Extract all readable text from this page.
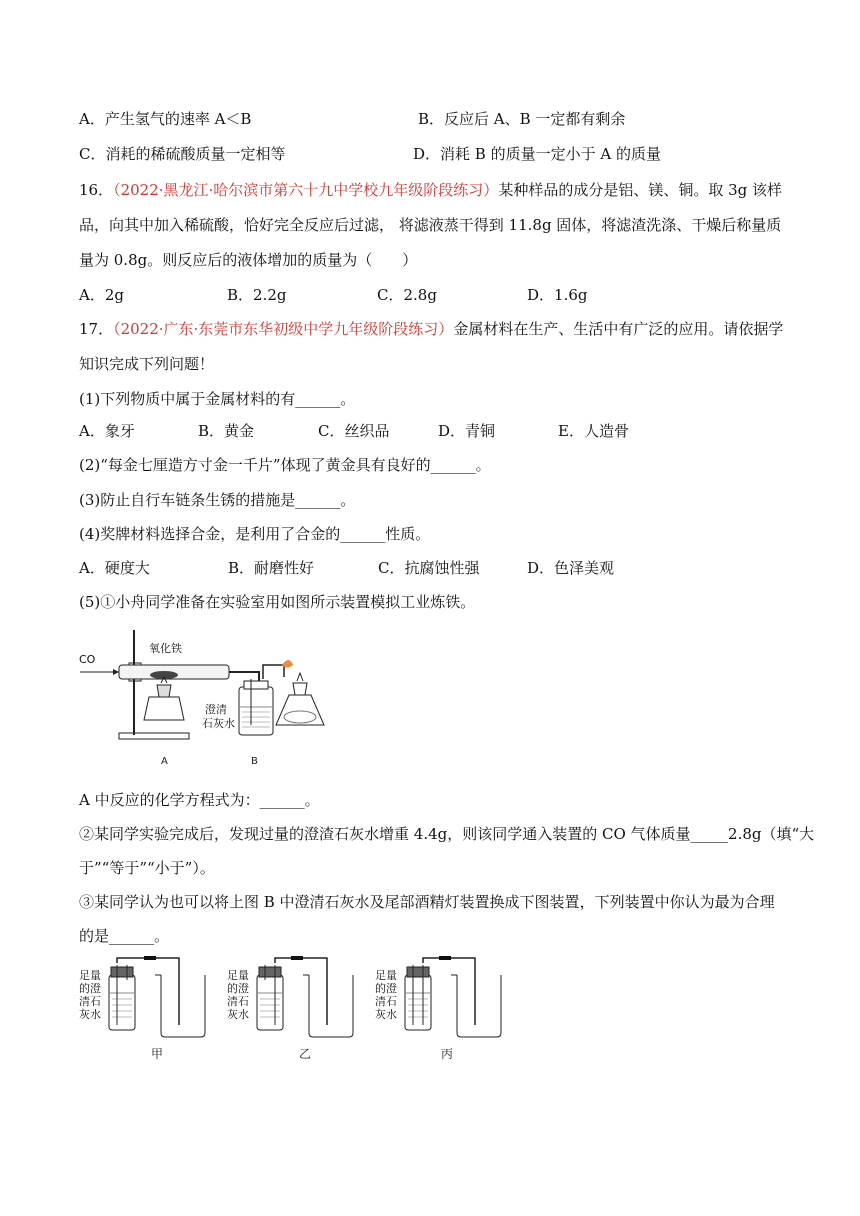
A．产生氢气的速率 A＜B	B．反应后 A、B 一定都有剩余
C．消耗的稀硫酸质量一定相等	D．消耗 B 的质量一定小于 A 的质量
16．（2022·黑龙江·哈尔滨市第六十九中学校九年级阶段练习）某种样品的成分是铝、镁、铜。取 3g 该样
品，向其中加入稀硫酸，恰好完全反应后过滤， 将滤液蒸干得到 11.8g 固体，将滤渣洗涤、干燥后称量质
量为 0.8g。则反应后的液体增加的质量为（　　）
A．2g	B．2.2g	C．2.8g	D．1.6g
17．（2022·广东·东莞市东华初级中学九年级阶段练习）金属材料在生产、生活中有广泛的应用。请依据学
知识完成下列问题！
(1)下列物质中属于金属材料的有______。
A．象牙	B．黄金	C．丝织品	D．青铜	E．人造骨
(2)“每金七厘造方寸金一千片”体现了黄金具有良好的______。
(3)防止自行车链条生锈的措施是______。
(4)奖牌材料选择合金，是利用了合金的______性质。
A．硬度大	B．耐磨性好	C．抗腐蚀性强	D．色泽美观
(5)①小舟同学准备在实验室用如图所示装置模拟工业炼铁。
A	B
CO
氧化铁
澄清
石灰水
A 中反应的化学方程式为：______。
②某同学实验完成后，发现过量的澄渣石灰水增重 4.4g，则该同学通入装置的 CO 气体质量_____2.8g（填“大
于”“等于”“小于”）。
③某同学认为也可以将上图 B 中澄清石灰水及尾部酒精灯装置换成下图装置，下列装置中你认为最为合理
的是______。
甲	乙	丙
足量
的澄
清石
灰水
足量
的澄
清石
灰水
足量
的澄
清石
灰水
